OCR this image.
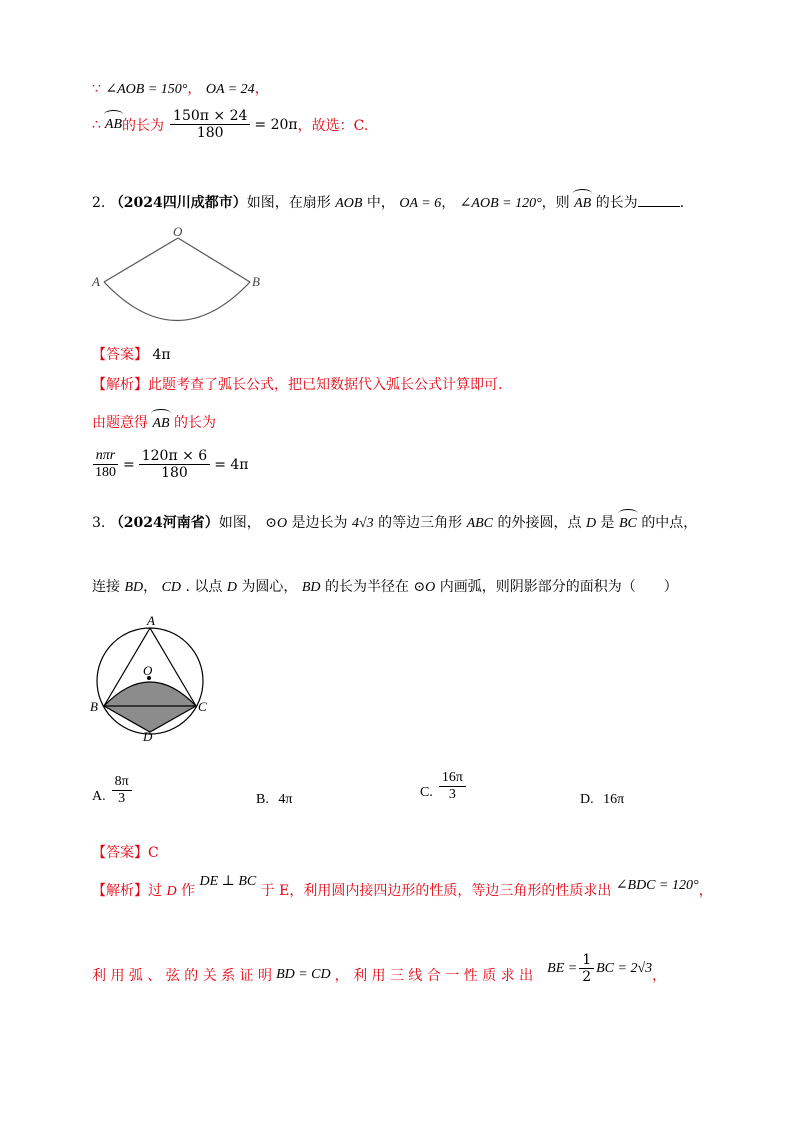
∵ ∠AOB = 150°， OA = 24，
∴ AB 的长为 $\frac{150\pi \times 24}{180} = 20\pi$ ，故选：C.
2. （2024四川成都市）如图，在扇形 AOB 中， OA = 6， ∠AOB = 120°，则 AB 的长为	.
O
A	B
【答案】 4π
【解析】此题考查了弧长公式，把已知数据代入弧长公式计算即可.
由题意得 AB 的长为
$\frac{\text{nπr}}{180} = \frac{120\pi \times 6}{180} = 4\pi$
3. （2024河南省）如图， ⊙O 是边长为 4√3 的等边三角形 ABC 的外接圆，点 D 是 BC 的中点，
连接 BD， CD . 以点 D 为圆心， BD 的长为半径在 ⊙O 内画弧，则阴影部分的面积为（　　）
A
O
B	C
D
A. $\frac{8\pi}{3}$	B. 4π	C. $\frac{16\pi}{3}$	D. 16π
【答案】C
【解析】过 D 作 DE ⊥ BC 于 E，利用圆内接四边形的性质，等边三角形的性质求出 ∠BDC = 120°，
利 用 弧 、 弦 的 关 系 证 明 BD = CD ， 利 用 三 线 合 一 性 质 求 出 BE = $\frac{1}{2}$ BC = 2√3 ，
